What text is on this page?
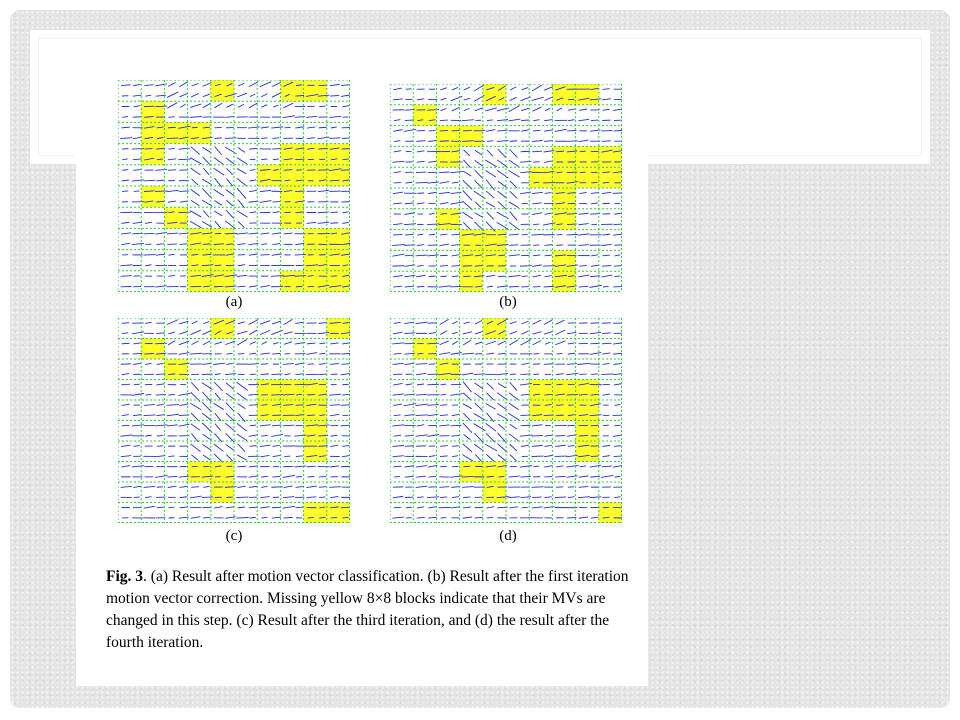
(a)	(b)
(c)	(d)

Fig. 3. (a) Result after motion vector classification. (b) Result after the first iteration motion vector correction. Missing yellow 8×8 blocks indicate that their MVs are changed in this step. (c) Result after the third iteration, and (d) the result after the fourth iteration.
